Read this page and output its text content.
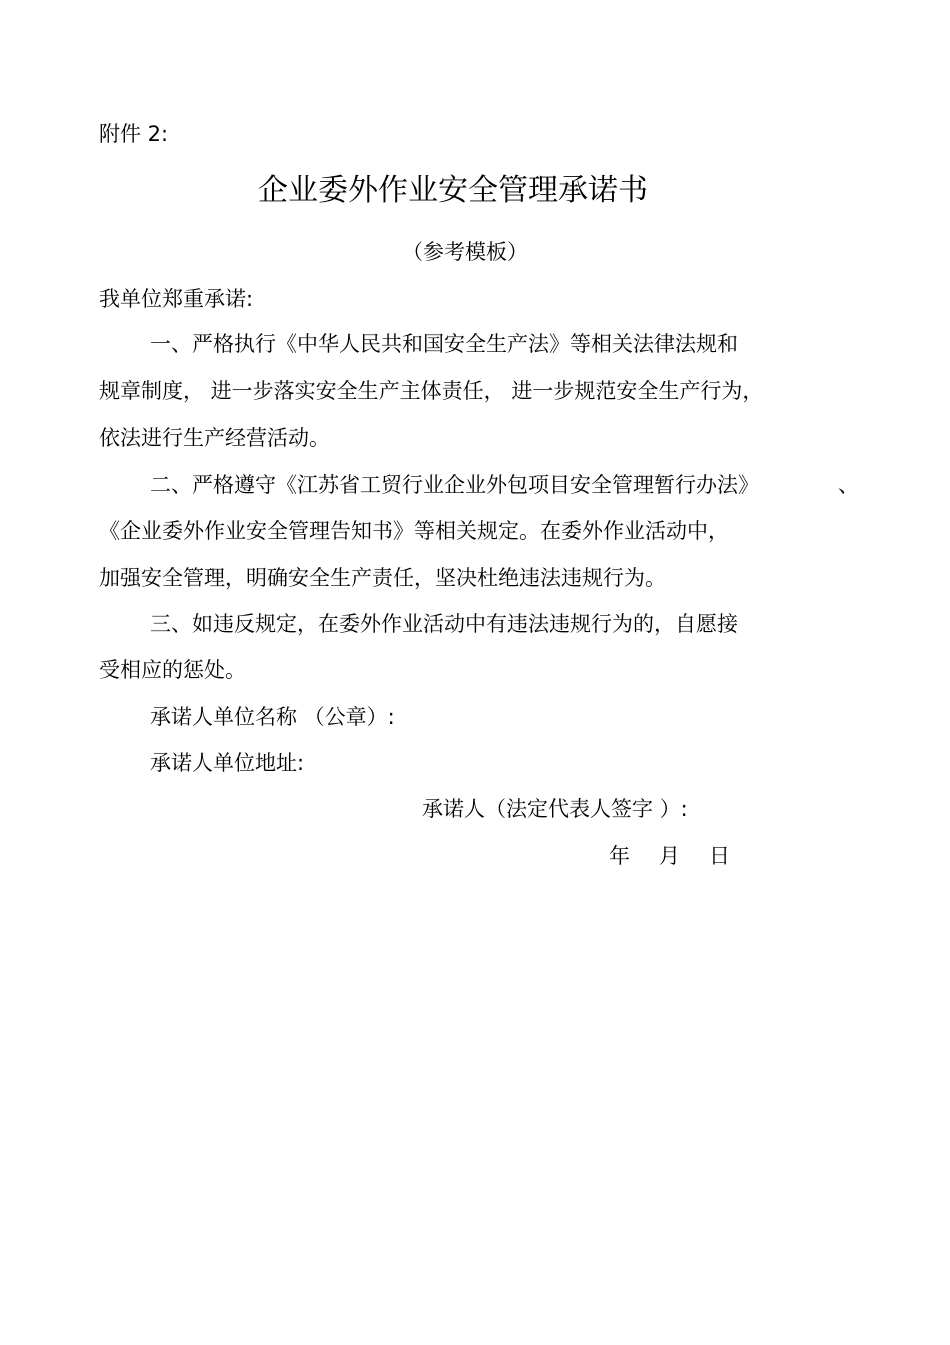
附件 2:
企业委外作业安全管理承诺书
（参考模板）
我单位郑重承诺:
一、严格执行《中华人民共和国安全生产法》等相关法律法规和
规章制度， 进一步落实安全生产主体责任， 进一步规范安全生产行为，
依法进行生产经营活动。
二、严格遵守《江苏省工贸行业企业外包项目安全管理暂行办法》	、
《企业委外作业安全管理告知书》等相关规定。在委外作业活动中，
加强安全管理，明确安全生产责任，坚决杜绝违法违规行为。
三、如违反规定，在委外作业活动中有违法违规行为的，自愿接
受相应的惩处。
承诺人单位名称 （公章）:
承诺人单位地址:
承诺人（法定代表人签字 ）:
年 月 日
